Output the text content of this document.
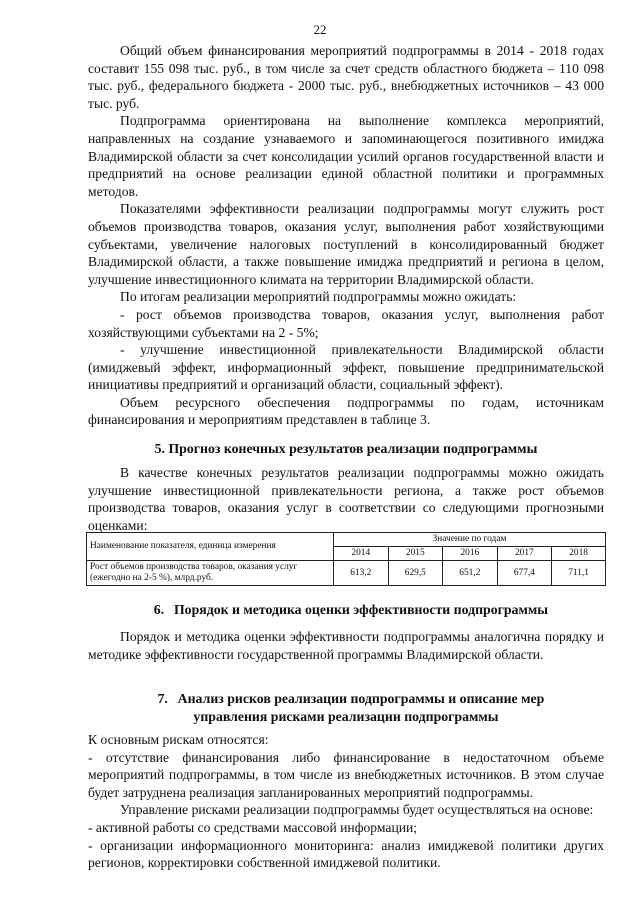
22

Общий объем финансирования мероприятий подпрограммы в 2014 - 2018 годах составит 155 098 тыс. руб., в том числе за счет средств областного бюджета – 110 098 тыс. руб., федерального бюджета - 2000 тыс. руб., внебюджетных источников – 43 000 тыс. руб.

Подпрограмма ориентирована на выполнение комплекса мероприятий, направленных на создание узнаваемого и запоминающегося позитивного имиджа Владимирской области за счет консолидации усилий органов государственной власти и предприятий на основе реализации единой областной политики и программных методов.

Показателями эффективности реализации подпрограммы могут служить рост объемов производства товаров, оказания услуг, выполнения работ хозяйствующими субъектами, увеличение налоговых поступлений в консолидированный бюджет Владимирской области, а также повышение имиджа предприятий и региона в целом, улучшение инвестиционного климата на территории Владимирской области.

По итогам реализации мероприятий подпрограммы можно ожидать:

- рост объемов производства товаров, оказания услуг, выполнения работ хозяйствующими субъектами на 2 - 5%;

- улучшение инвестиционной привлекательности Владимирской области (имиджевый эффект, информационный эффект, повышение предпринимательской инициативы предприятий и организаций области, социальный эффект).

Объем ресурсного обеспечения подпрограммы по годам, источникам финансирования и мероприятиям представлен в таблице 3.

5. Прогноз конечных результатов реализации подпрограммы

В качестве конечных результатов реализации подпрограммы можно ожидать улучшение инвестиционной привлекательности региона, а также рост объемов производства товаров, оказания услуг в соответствии со следующими прогнозными оценками:

Наименование показателя, единица измерения	Значение по годам				
	2014	2015	2016	2017	2018
Рост объемов производства товаров, оказания услуг (ежегодно на 2-5 %), млрд.руб.	613,2	629,5	651,2	677,4	711,1
6. Порядок и методика оценки эффективности подпрограммы

Порядок и методика оценки эффективности подпрограммы аналогична порядку и методике эффективности государственной программы Владимирской области.

7. Анализ рисков реализации подпрограммы и описание мер
управления рисками реализации подпрограммы

К основным рискам относятся:

- отсутствие финансирования либо финансирование в недостаточном объеме мероприятий подпрограммы, в том числе из внебюджетных источников. В этом случае будет затруднена реализация запланированных мероприятий подпрограммы.

Управление рисками реализации подпрограммы будет осуществляться на основе:

- активной работы со средствами массовой информации;

- организации информационного мониторинга: анализ имиджевой политики других регионов, корректировки собственной имиджевой политики.
